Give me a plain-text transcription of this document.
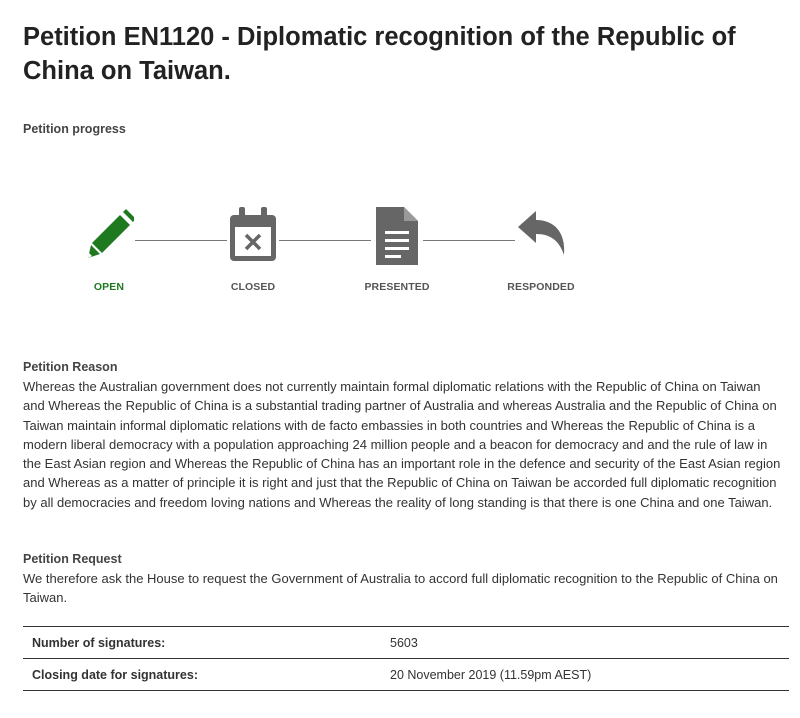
Petition EN1120 - Diplomatic recognition of the Republic of China on Taiwan.
Petition progress
OPEN	CLOSED	PRESENTED	RESPONDED
Petition Reason

Whereas the Australian government does not currently maintain formal diplomatic relations with the Republic of China on Taiwan and Whereas the Republic of China is a substantial trading partner of Australia and whereas Australia and the Republic of China on Taiwan maintain informal diplomatic relations with de facto embassies in both countries and Whereas the Republic of China is a modern liberal democracy with a population approaching 24 million people and a beacon for democracy and and the rule of law in the East Asian region and Whereas the Republic of China has an important role in the defence and security of the East Asian region and Whereas as a matter of principle it is right and just that the Republic of China on Taiwan be accorded full diplomatic recognition by all democracies and freedom loving nations and Whereas the reality of long standing is that there is one China and one Taiwan.

Petition Request

We therefore ask the House to request the Government of Australia to accord full diplomatic recognition to the Republic of China on Taiwan.

Number of signatures:	5603
Closing date for signatures:	20 November 2019 (11.59pm AEST)
